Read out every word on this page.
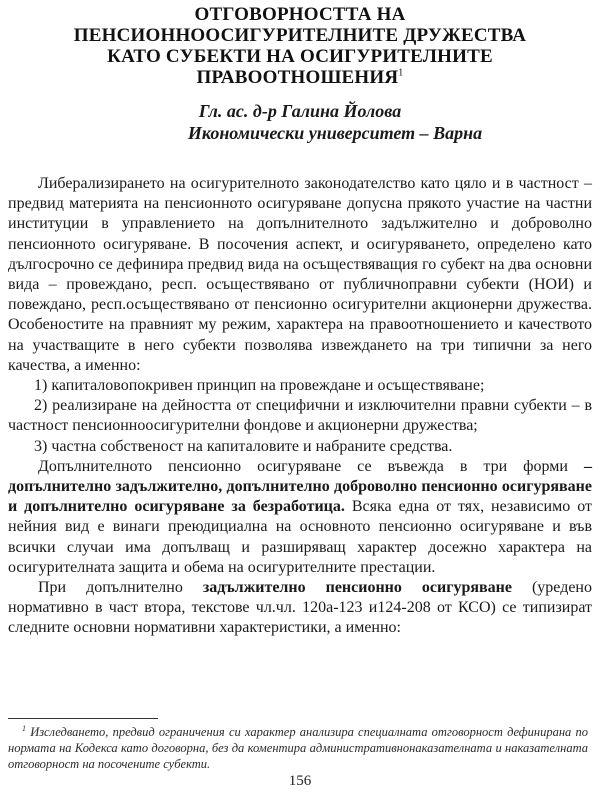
ОТГОВОРНОСТТА НА
ПЕНСИОННООСИГУРИТЕЛНИТЕ ДРУЖЕСТВА
КАТО СУБЕКТИ НА ОСИГУРИТЕЛНИТЕ
ПРАВООТНОШЕНИЯ$^1$
Гл. ас. д-р Галина Йолова
Икономически университет – Варна

Либерализирането на осигурителното законодателство като цяло и в частност – предвид материята на пенсионното осигуряване допусна прякото участие на частни институции в управлението на допълнителното задължително и доброволно пенсионното осигуряване. В посочения аспект, и осигуряването, определено като дългосрочно се дефинира предвид вида на осъществяващия го субект на два основни вида – провеждано, респ. осъществявано от публичноправни субекти (НОИ) и повеждано, респ.осъществявано от пенсионно осигурителни акционерни дружества. Особеностите на правният му режим, характера на правоотношението и качеството на участващите в него субекти позволява извеждането на три типични за него качества, а именно:

1) капиталовопокривен принцип на провеждане и осъществяване;

2) реализиране на дейността от специфични и изключителни правни субекти – в частност пенсионноосигурителни фондове и акционерни дружества;

3) частна собственост на капиталовите и набраните средства.

Допълнителното пенсионно осигуряване се въвежда в три форми – допълнително задължително, допълнително доброволно пенсионно осигуряване и допълнително осигуряване за безработица. Всяка една от тях, независимо от нейния вид е винаги преюдициална на основното пенсионно осигуряване и във всички случаи има допълващ и разширяващ характер досежно характера на осигурителната защита и обема на осигурителните престации.

При допълнително задължително пенсионно осигуряване (уредено нормативно в част втора, текстове чл.чл. 120а-123 и124-208 от КСО) се типизират следните основни нормативни характеристики, а именно:

$^1$ Изследването, предвид ограничения си характер анализира специалната отговорност дефинирана по нормата на Кодекса като договорна, без да коментира административнонаказателната и наказателната отговорност на посочените субекти.
156
